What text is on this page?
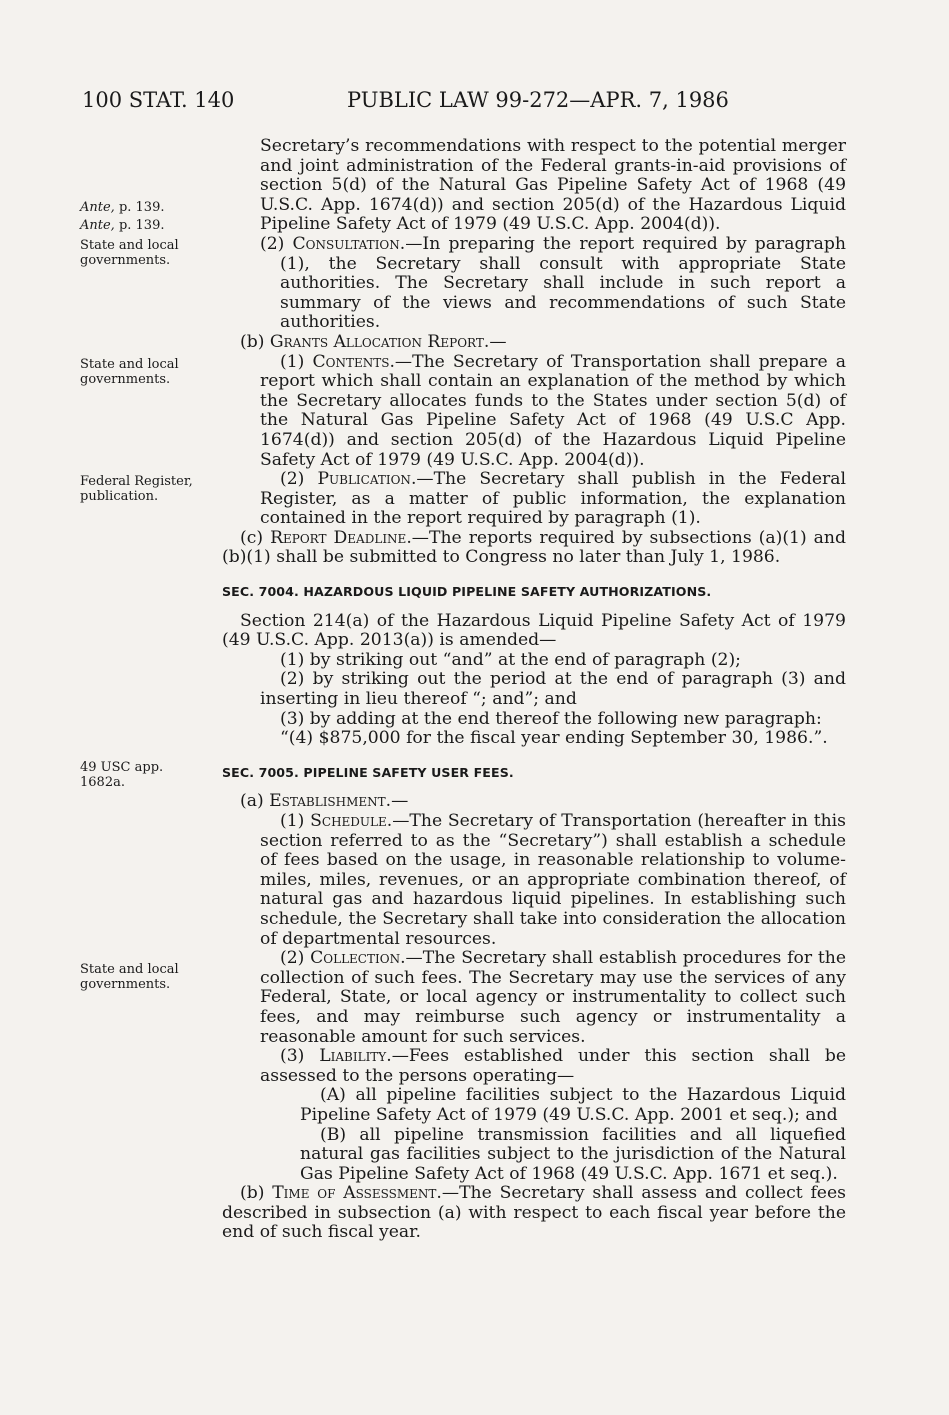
100 STAT. 140	PUBLIC LAW 99-272—APR. 7, 1986
Ante, p. 139.
Ante, p. 139.
State and local governments.
State and local governments.
Federal Register, publication.
49 USC app. 1682a.
State and local governments.

Secretary’s recommendations with respect to the potential merger and joint administration of the Federal grants-in-aid provisions of section 5(d) of the Natural Gas Pipeline Safety Act of 1968 (49 U.S.C. App. 1674(d)) and section 205(d) of the Hazardous Liquid Pipeline Safety Act of 1979 (49 U.S.C. App. 2004(d)).

(2) Consultation.—In preparing the report required by paragraph (1), the Secretary shall consult with appropriate State authorities. The Secretary shall include in such report a summary of the views and recommendations of such State authorities.

(b) Grants Allocation Report.—

(1) Contents.—The Secretary of Transportation shall prepare a report which shall contain an explanation of the method by which the Secretary allocates funds to the States under section 5(d) of the Natural Gas Pipeline Safety Act of 1968 (49 U.S.C App. 1674(d)) and section 205(d) of the Hazardous Liquid Pipeline Safety Act of 1979 (49 U.S.C. App. 2004(d)).

(2) Publication.—The Secretary shall publish in the Federal Register, as a matter of public information, the explanation contained in the report required by paragraph (1).

(c) Report Deadline.—The reports required by subsections (a)(1) and (b)(1) shall be submitted to Congress no later than July 1, 1986.

SEC. 7004. HAZARDOUS LIQUID PIPELINE SAFETY AUTHORIZATIONS.

Section 214(a) of the Hazardous Liquid Pipeline Safety Act of 1979 (49 U.S.C. App. 2013(a)) is amended—

(1) by striking out “and” at the end of paragraph (2);

(2) by striking out the period at the end of paragraph (3) and inserting in lieu thereof “; and”; and

(3) by adding at the end thereof the following new paragraph:

“(4) $875,000 for the fiscal year ending September 30, 1986.”.

SEC. 7005. PIPELINE SAFETY USER FEES.

(a) Establishment.—

(1) Schedule.—The Secretary of Transportation (hereafter in this section referred to as the “Secretary”) shall establish a schedule of fees based on the usage, in reasonable relationship to volume-miles, miles, revenues, or an appropriate combination thereof, of natural gas and hazardous liquid pipelines. In establishing such schedule, the Secretary shall take into consideration the allocation of departmental resources.

(2) Collection.—The Secretary shall establish procedures for the collection of such fees. The Secretary may use the services of any Federal, State, or local agency or instrumentality to collect such fees, and may reimburse such agency or instrumentality a reasonable amount for such services.

(3) Liability.—Fees established under this section shall be assessed to the persons operating—

(A) all pipeline facilities subject to the Hazardous Liquid Pipeline Safety Act of 1979 (49 U.S.C. App. 2001 et seq.); and

(B) all pipeline transmission facilities and all liquefied natural gas facilities subject to the jurisdiction of the Natural Gas Pipeline Safety Act of 1968 (49 U.S.C. App. 1671 et seq.).

(b) Time of Assessment.—The Secretary shall assess and collect fees described in subsection (a) with respect to each fiscal year before the end of such fiscal year.
